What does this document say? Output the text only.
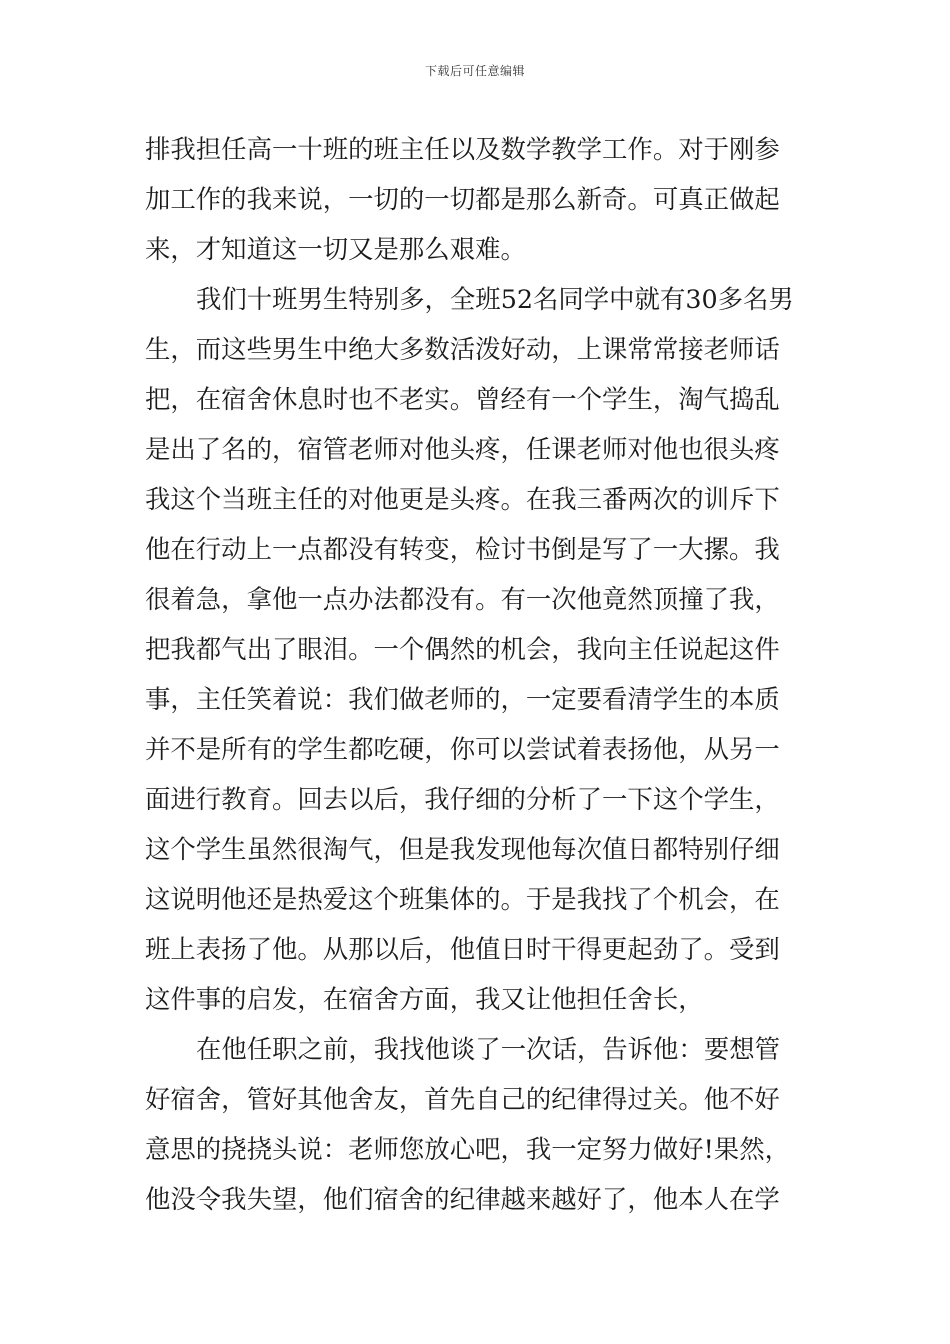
下载后可任意编辑
排我担任高一十班的班主任以及数学教学工作。对于刚参
加工作的我来说，一切的一切都是那么新奇。可真正做起
来，才知道这一切又是那么艰难。
我们十班男生特别多，全班52名同学中就有30多名男
生，而这些男生中绝大多数活泼好动，上课常常接老师话
把，在宿舍休息时也不老实。曾经有一个学生，淘气捣乱
是出了名的，宿管老师对他头疼，任课老师对他也很头疼
我这个当班主任的对他更是头疼。在我三番两次的训斥下
他在行动上一点都没有转变，检讨书倒是写了一大摞。我
很着急，拿他一点办法都没有。有一次他竟然顶撞了我，
把我都气出了眼泪。一个偶然的机会，我向主任说起这件
事，主任笑着说：我们做老师的，一定要看清学生的本质
并不是所有的学生都吃硬，你可以尝试着表扬他，从另一
面进行教育。回去以后，我仔细的分析了一下这个学生，
这个学生虽然很淘气，但是我发现他每次值日都特别仔细
这说明他还是热爱这个班集体的。于是我找了个机会，在
班上表扬了他。从那以后，他值日时干得更起劲了。受到
这件事的启发，在宿舍方面，我又让他担任舍长，
在他任职之前，我找他谈了一次话，告诉他：要想管
好宿舍，管好其他舍友，首先自己的纪律得过关。他不好
意思的挠挠头说：老师您放心吧，我一定努力做好!果然，
他没令我失望，他们宿舍的纪律越来越好了，他本人在学
